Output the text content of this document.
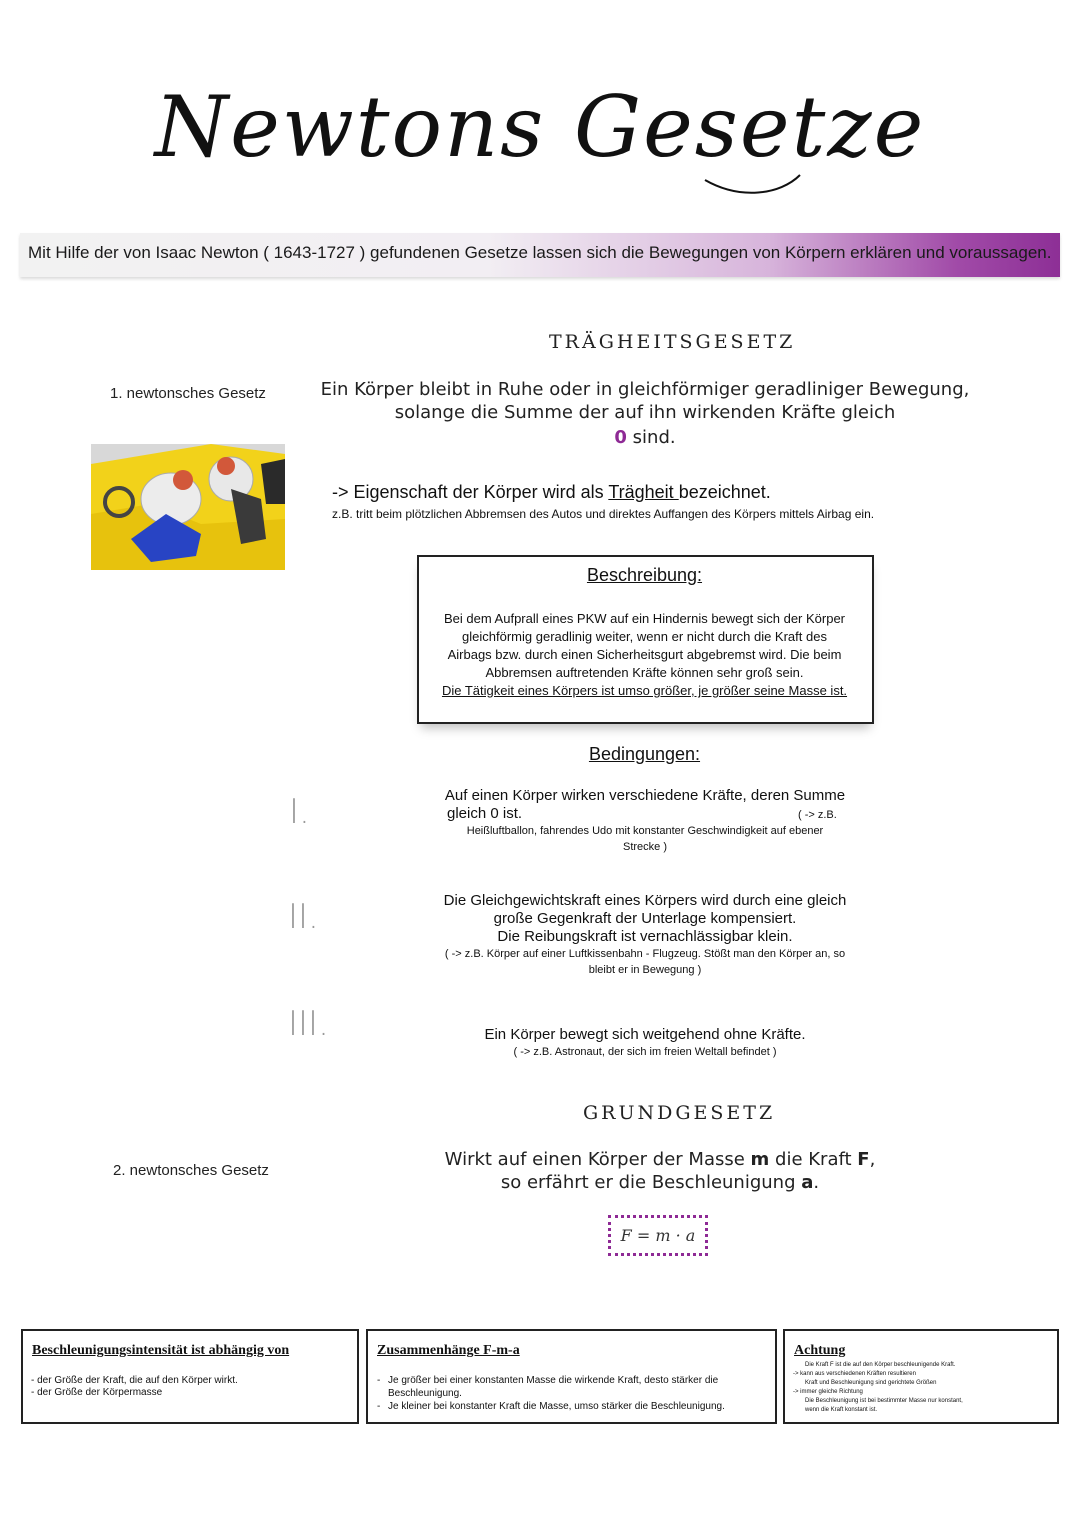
Newtons Gesetze
Mit Hilfe der von Isaac Newton ( 1643-1727 ) gefundenen Gesetze lassen sich die Bewegungen von Körpern erklären und voraussagen.
TRÄGHEITSGESETZ
1. newtonsches Gesetz	Ein Körper bleibt in Ruhe oder in gleichförmiger geradliniger Bewegung,
solange die Summe der auf ihn wirkenden Kräfte gleich
0 sind.
-> Eigenschaft der Körper wird als Trägheit bezeichnet.
z.B. tritt beim plötzlichen Abbremsen des Autos und direktes Auffangen des Körpers mittels Airbag ein.
Beschreibung:
Bei dem Aufprall eines PKW auf ein Hindernis bewegt sich der Körper
gleichförmig geradlinig weiter, wenn er nicht durch die Kraft des
Airbags bzw. durch einen Sicherheitsgurt abgebremst wird. Die beim
Abbremsen auftretenden Kräfte können sehr groß sein.
Die Tätigkeit eines Körpers ist umso größer, je größer seine Masse ist.
Bedingungen:
I.	Auf einen Körper wirken verschiedene Kräfte, deren Summe
gleich 0 ist.	( -> z.B.
Heißluftballon, fahrendes Udo mit konstanter Geschwindigkeit auf ebener
Strecke )
II.	Die Gleichgewichtskraft eines Körpers wird durch eine gleich
große Gegenkraft der Unterlage kompensiert.
Die Reibungskraft ist vernachlässigbar klein.
( -> z.B. Körper auf einer Luftkissenbahn - Flugzeug. Stößt man den Körper an, so
bleibt er in Bewegung )
III.	Ein Körper bewegt sich weitgehend ohne Kräfte.
( -> z.B. Astronaut, der sich im freien Weltall befindet )
GRUNDGESETZ
2. newtonsches Gesetz
Wirkt auf einen Körper der Masse m die Kraft F,
so erfährt er die Beschleunigung a.
F = m · a
Beschleunigungsintensität ist abhängig von
- der Größe der Kraft, die auf den Körper wirkt.
- der Größe der Körpermasse
Zusammenhänge F-m-a
- Je größer bei einer konstanten Masse die wirkende Kraft, desto stärker die
Beschleunigung.
- Je kleiner bei konstanter Kraft die Masse, umso stärker die Beschleunigung.
Achtung
Die Kraft F ist die auf den Körper beschleunigende Kraft.
-> kann aus verschiedenen Kräften resultieren
Kraft und Beschleunigung sind gerichtete Größen
-> immer gleiche Richtung
Die Beschleunigung ist bei bestimmter Masse nur konstant,
wenn die Kraft konstant ist.
